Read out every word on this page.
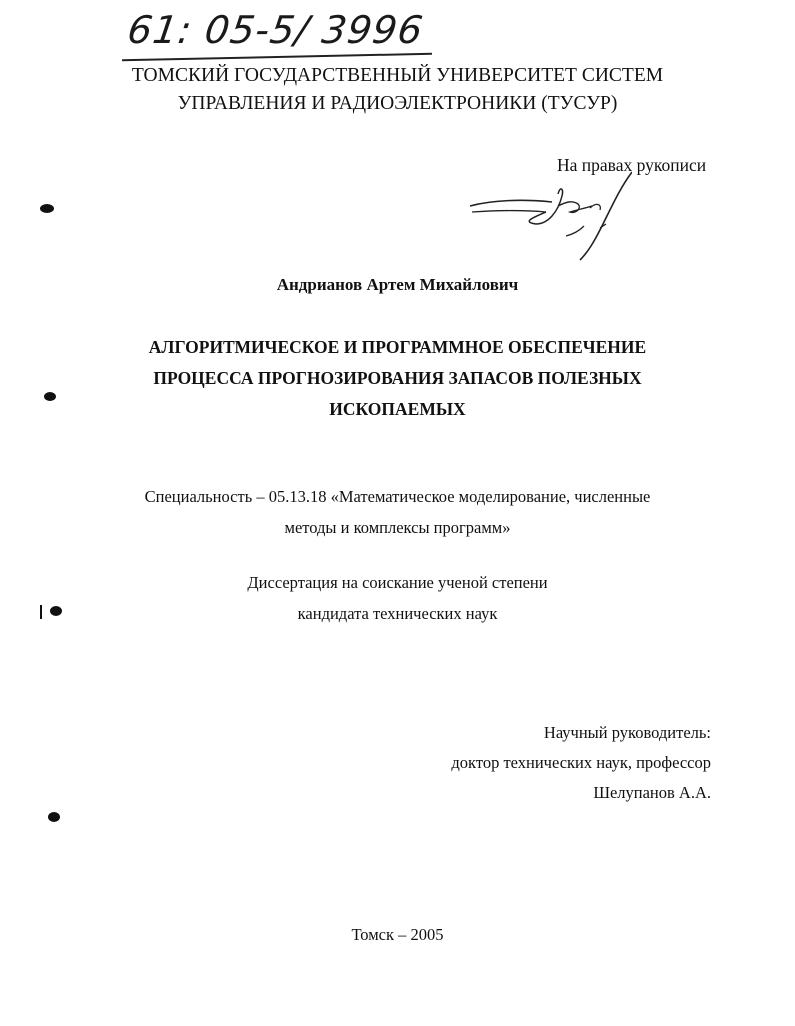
61: 05-5/ 3996
ТОМСКИЙ ГОСУДАРСТВЕННЫЙ УНИВЕРСИТЕТ СИСТЕМ
УПРАВЛЕНИЯ И РАДИОЭЛЕКТРОНИКИ (ТУСУР)
На правах рукописи
Андрианов Артем Михайлович
АЛГОРИТМИЧЕСКОЕ И ПРОГРАММНОЕ ОБЕСПЕЧЕНИЕ
ПРОЦЕССА ПРОГНОЗИРОВАНИЯ ЗАПАСОВ ПОЛЕЗНЫХ
ИСКОПАЕМЫХ
Специальность – 05.13.18 «Математическое моделирование, численные
методы и комплексы программ»
Диссертация на соискание ученой степени
кандидата технических наук
Научный руководитель:
доктор технических наук, профессор
Шелупанов А.А.
Томск – 2005
